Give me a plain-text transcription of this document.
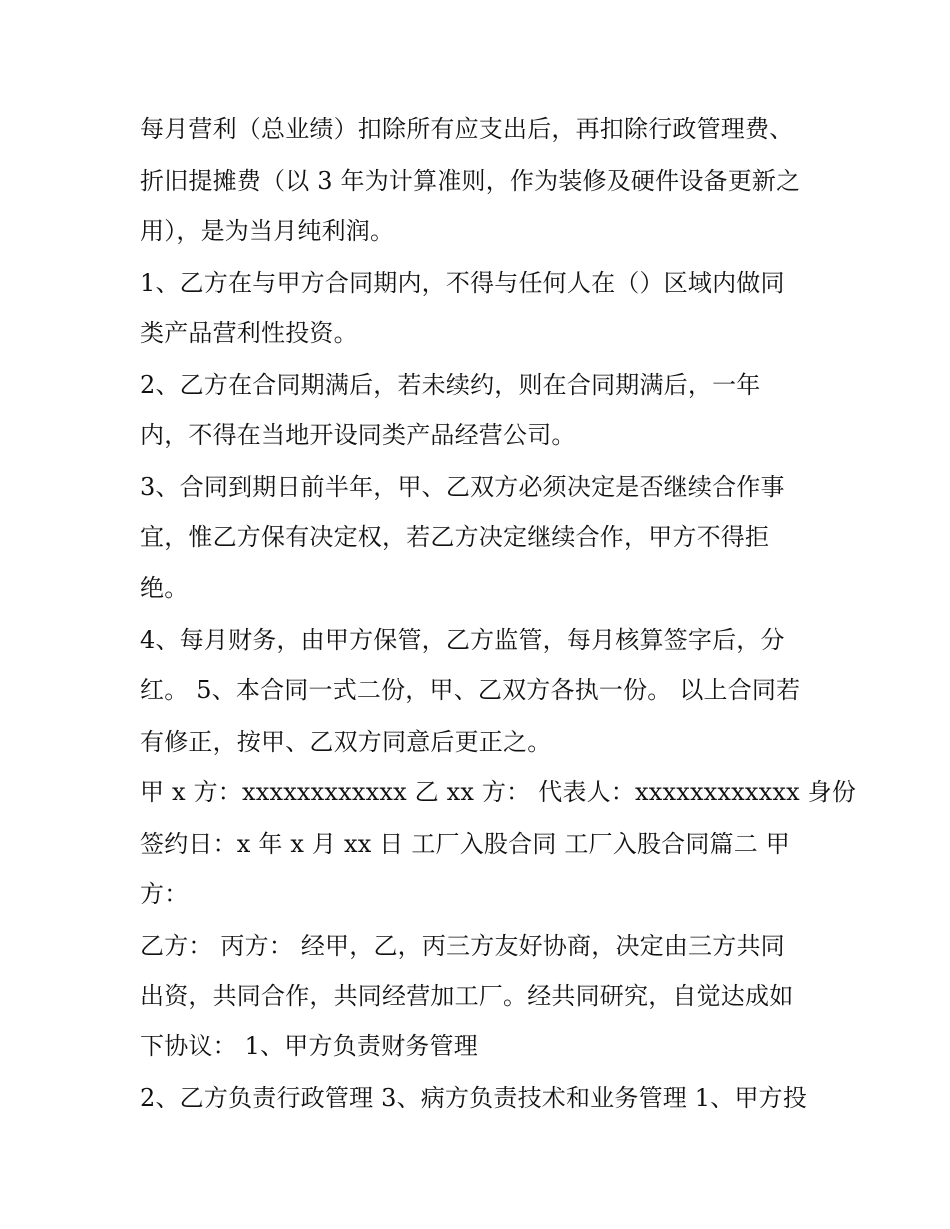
每月营利（总业绩）扣除所有应支出后，再扣除行政管理费、
折旧提摊费（以 3 年为计算准则，作为装修及硬件设备更新之
用），是为当月纯利润。
1、乙方在与甲方合同期内，不得与任何人在（）区域内做同
类产品营利性投资。
2、乙方在合同期满后，若未续约，则在合同期满后，一年
内，不得在当地开设同类产品经营公司。
3、合同到期日前半年，甲、乙双方必须决定是否继续合作事
宜，惟乙方保有决定权，若乙方决定继续合作，甲方不得拒
绝。
4、每月财务，由甲方保管，乙方监管，每月核算签字后，分
红。 5、本合同一式二份，甲、乙双方各执一份。 以上合同若
有修正，按甲、乙双方同意后更正之。
甲 x 方：xxxxxxxxxxxx 乙 xx 方： 代表人：xxxxxxxxxxxx 身份
签约日：x 年 x 月 xx 日 工厂入股合同 工厂入股合同篇二 甲
方：
乙方： 丙方： 经甲，乙，丙三方友好协商，决定由三方共同
出资，共同合作，共同经营加工厂。经共同研究，自觉达成如
下协议： 1、甲方负责财务管理
2、乙方负责行政管理 3、病方负责技术和业务管理 1、甲方投
